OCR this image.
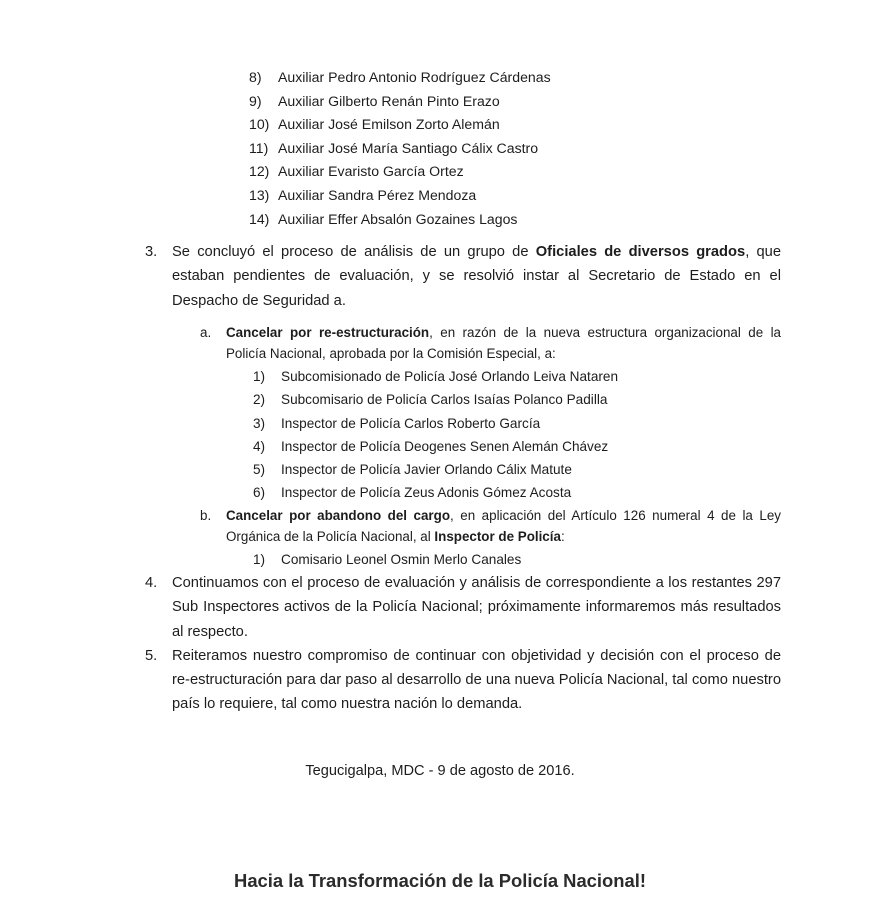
8)	Auxiliar Pedro Antonio Rodríguez Cárdenas
9)	Auxiliar Gilberto Renán Pinto Erazo
10) Auxiliar José Emilson Zorto Alemán
11) Auxiliar José María Santiago Cálix Castro
12) Auxiliar Evaristo García Ortez
13) Auxiliar Sandra Pérez Mendoza
14) Auxiliar Effer Absalón Gozaines Lagos
3.	Se concluyó el proceso de análisis de un grupo de Oficiales de diversos grados, que estaban pendientes de evaluación, y se resolvió instar al Secretario de Estado en el Despacho de Seguridad a.
a.	Cancelar por re-estructuración, en razón de la nueva estructura organizacional de la Policía Nacional, aprobada por la Comisión Especial, a:
1)	Subcomisionado de Policía José Orlando Leiva Nataren
2)	Subcomisario de Policía Carlos Isaías Polanco Padilla
3)	Inspector de Policía Carlos Roberto García
4)	Inspector de Policía Deogenes Senen Alemán Chávez
5)	Inspector de Policía Javier Orlando Cálix Matute
6)	Inspector de Policía Zeus Adonis Gómez Acosta
b.	Cancelar por abandono del cargo, en aplicación del Artículo 126 numeral 4 de la Ley Orgánica de la Policía Nacional, al Inspector de Policía:
1)	Comisario Leonel Osmin Merlo Canales
4.	Continuamos con el proceso de evaluación y análisis de correspondiente a los restantes 297 Sub Inspectores activos de la Policía Nacional; próximamente informaremos más resultados al respecto.
5.	Reiteramos nuestro compromiso de continuar con objetividad y decisión con el proceso de re-estructuración para dar paso al desarrollo de una nueva Policía Nacional, tal como nuestro país lo requiere, tal como nuestra nación lo demanda.
Tegucigalpa, MDC - 9 de agosto de 2016.
Hacia la Transformación de la Policía Nacional!
